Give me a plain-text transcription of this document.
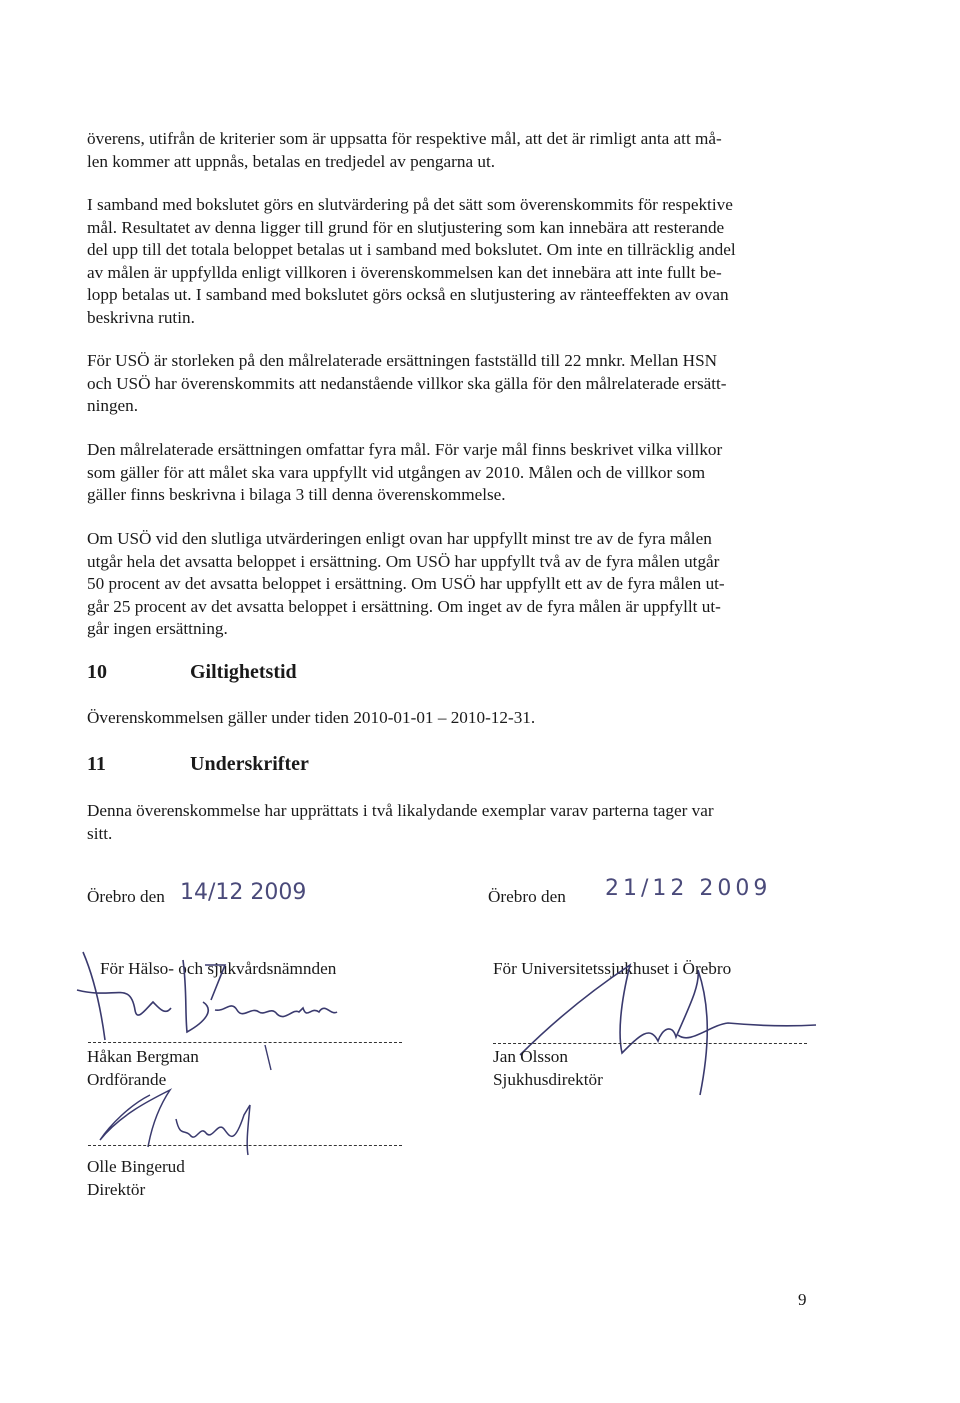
överens, utifrån de kriterier som är uppsatta för respektive mål, att det är rimligt anta att må-
len kommer att uppnås, betalas en tredjedel av pengarna ut.
I samband med bokslutet görs en slutvärdering på det sätt som överenskommits för respektive
mål. Resultatet av denna ligger till grund för en slutjustering som kan innebära att resterande
del upp till det totala beloppet betalas ut i samband med bokslutet. Om inte en tillräcklig andel
av målen är uppfyllda enligt villkoren i överenskommelsen kan det innebära att inte fullt be-
lopp betalas ut. I samband med bokslutet görs också en slutjustering av ränteeffekten av ovan
beskrivna rutin.
För USÖ är storleken på den målrelaterade ersättningen fastställd till 22 mnkr. Mellan HSN
och USÖ har överenskommits att nedanstående villkor ska gälla för den målrelaterade ersätt-
ningen.
Den målrelaterade ersättningen omfattar fyra mål. För varje mål finns beskrivet vilka villkor
som gäller för att målet ska vara uppfyllt vid utgången av 2010. Målen och de villkor som
gäller finns beskrivna i bilaga 3 till denna överenskommelse.
Om USÖ vid den slutliga utvärderingen enligt ovan har uppfyllt minst tre av de fyra målen
utgår hela det avsatta beloppet i ersättning. Om USÖ har uppfyllt två av de fyra målen utgår
50 procent av det avsatta beloppet i ersättning. Om USÖ har uppfyllt ett av de fyra målen ut-
går 25 procent av det avsatta beloppet i ersättning. Om inget av de fyra målen är uppfyllt ut-
går ingen ersättning.
10	Giltighetstid
Överenskommelsen gäller under tiden 2010-01-01 – 2010-12-31.
11	Underskrifter
Denna överenskommelse har upprättats i två likalydande exemplar varav parterna tager var
sitt.
Örebro den 14/12 2009
För Hälso- och sjukvårdsnämnden
Håkan Bergman
Ordförande
Olle Bingerud
Direktör
Örebro den 21/12 2009
För Universitetssjukhuset i Örebro
Jan Olsson
Sjukhusdirektör
9
